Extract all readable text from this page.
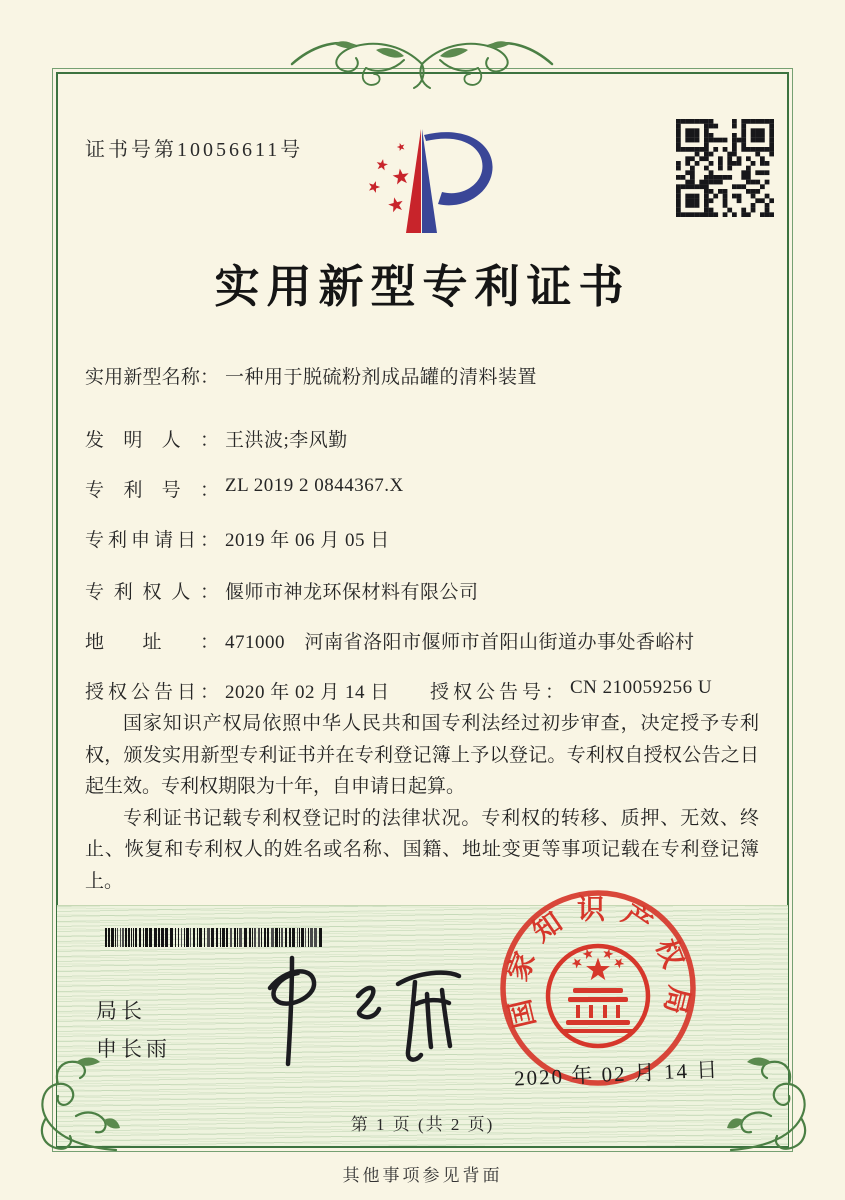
证书号第10056611号
实用新型专利证书
实用新型名称： 一种用于脱硫粉剂成品罐的清料装置
发明人： 王洪波;李风勤
专利号： ZL 2019 2 0844367.X
专利申请日： 2019 年 06 月 05 日
专利权人： 偃师市神龙环保材料有限公司
地址： 471000　河南省洛阳市偃师市首阳山街道办事处香峪村
授权公告日： 2020 年 02 月 14 日 授权公告号： CN 210059256 U

国家知识产权局依照中华人民共和国专利法经过初步审查，决定授予专利权，颁发实用新型专利证书并在专利登记簿上予以登记。专利权自授权公告之日起生效。专利权期限为十年，自申请日起算。

专利证书记载专利权登记时的法律状况。专利权的转移、质押、无效、终止、恢复和专利权人的姓名或名称、国籍、地址变更等事项记载在专利登记簿上。

局长
申长雨
国家知识产权局
2020 年 02 月 14 日
第 1 页 (共 2 页)
其他事项参见背面
